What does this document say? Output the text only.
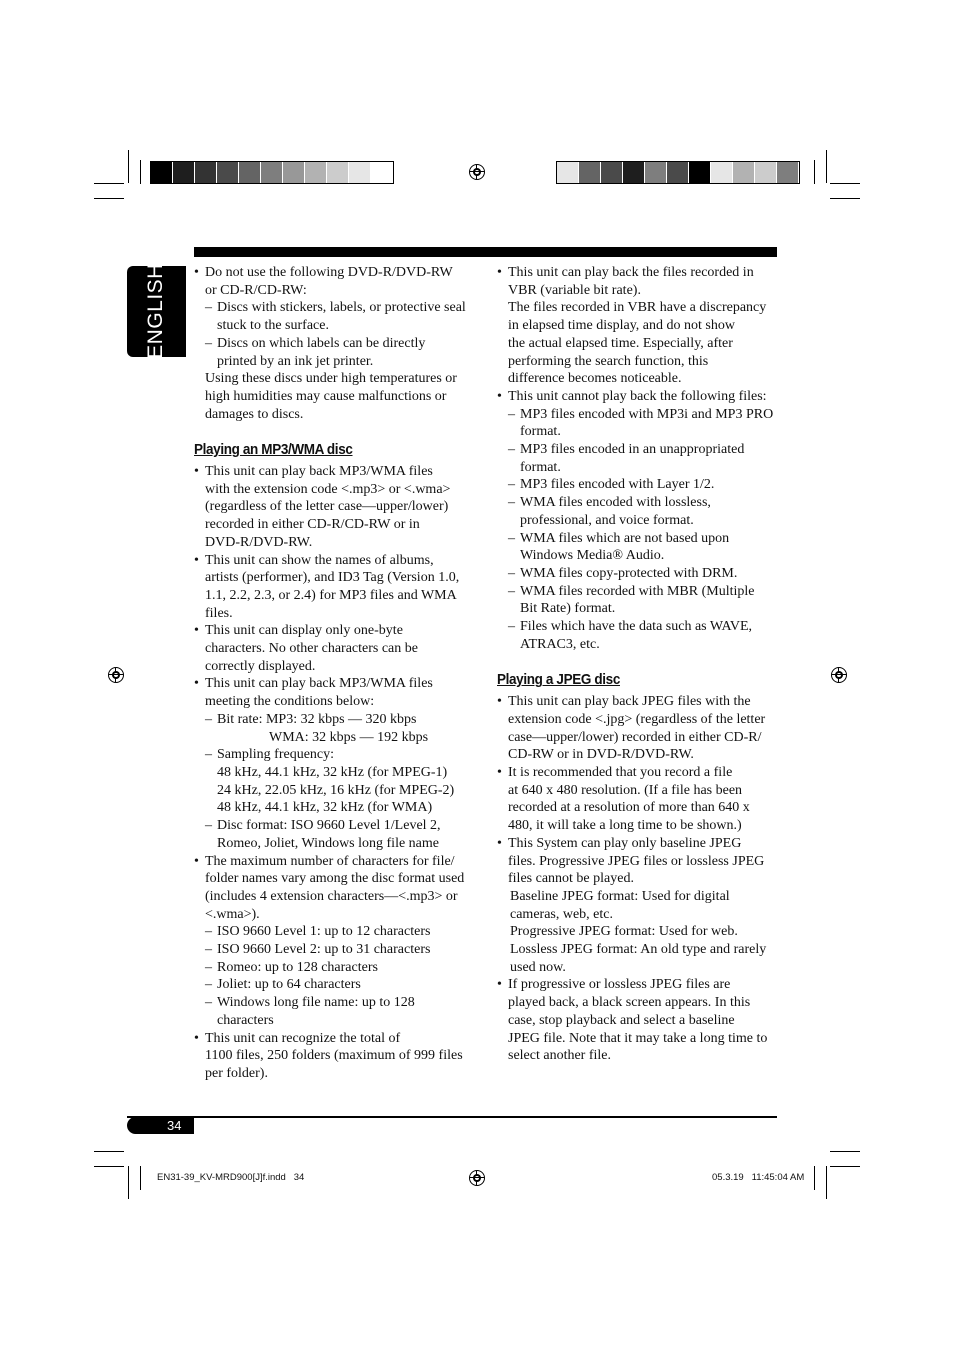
ENGLISH

•	Do not use the following DVD-R/DVD-RW
or CD-R/CD-RW:

– Discs with stickers, labels, or protective seal
stuck to the surface.

– Discs on which labels can be directly
printed by an ink jet printer.

Using these discs under high temperatures or
high humidities may cause malfunctions or
damages to discs.

Playing an MP3/WMA disc

• This unit can play back MP3/WMA files
with the extension code <.mp3> or <.wma>
(regardless of the letter case—upper/lower)
recorded in either CD-R/CD-RW or in
DVD-R/DVD-RW.

• This unit can show the names of albums,
artists (performer), and ID3 Tag (Version 1.0,
1.1, 2.2, 2.3, or 2.4) for MP3 files and WMA
files.

• This unit can display only one-byte
characters. No other characters can be
correctly displayed.

• This unit can play back MP3/WMA files
meeting the conditions below:

– Bit rate: MP3: 32 kbps — 320 kbps

WMA: 32 kbps — 192 kbps

– Sampling frequency:
48 kHz, 44.1 kHz, 32 kHz (for MPEG-1)
24 kHz, 22.05 kHz, 16 kHz (for MPEG-2)
48 kHz, 44.1 kHz, 32 kHz (for WMA)

– Disc format: ISO 9660 Level 1/Level 2,
Romeo, Joliet, Windows long file name

• The maximum number of characters for file/
folder names vary among the disc format used
(includes 4 extension characters—<.mp3> or
<.wma>).

– ISO 9660 Level 1: up to 12 characters

– ISO 9660 Level 2: up to 31 characters

– Romeo: up to 128 characters

– Joliet: up to 64 characters

– Windows long file name: up to 128
characters

• This unit can recognize the total of
1100 files, 250 folders (maximum of 999 files
per folder).

• This unit can play back the files recorded in
VBR (variable bit rate).

The files recorded in VBR have a discrepancy
in elapsed time display, and do not show
the actual elapsed time. Especially, after
performing the search function, this
difference becomes noticeable.

• This unit cannot play back the following files:

– MP3 files encoded with MP3i and MP3 PRO
format.

– MP3 files encoded in an unappropriated
format.

– MP3 files encoded with Layer 1/2.

– WMA files encoded with lossless,
professional, and voice format.

– WMA files which are not based upon
Windows Media® Audio.

– WMA files copy-protected with DRM.

– WMA files recorded with MBR (Multiple
Bit Rate) format.

– Files which have the data such as WAVE,
ATRAC3, etc.

Playing a JPEG disc

• This unit can play back JPEG files with the
extension code <.jpg> (regardless of the letter
case—upper/lower) recorded in either CD-R/
CD-RW or in DVD-R/DVD-RW.

• It is recommended that you record a file
at 640 x 480 resolution. (If a file has been
recorded at a resolution of more than 640 x
480, it will take a long time to be shown.)

• This System can play only baseline JPEG
files. Progressive JPEG files or lossless JPEG
files cannot be played.

Baseline JPEG format: Used for digital
cameras, web, etc.
Progressive JPEG format: Used for web.
Lossless JPEG format: An old type and rarely
used now.

• If progressive or lossless JPEG files are
played back, a black screen appears. In this
case, stop playback and select a baseline
JPEG file. Note that it may take a long time to
select another file.

34
EN31-39_KV-MRD900[J]f.indd   34	05.3.19   11:45:04 AM
